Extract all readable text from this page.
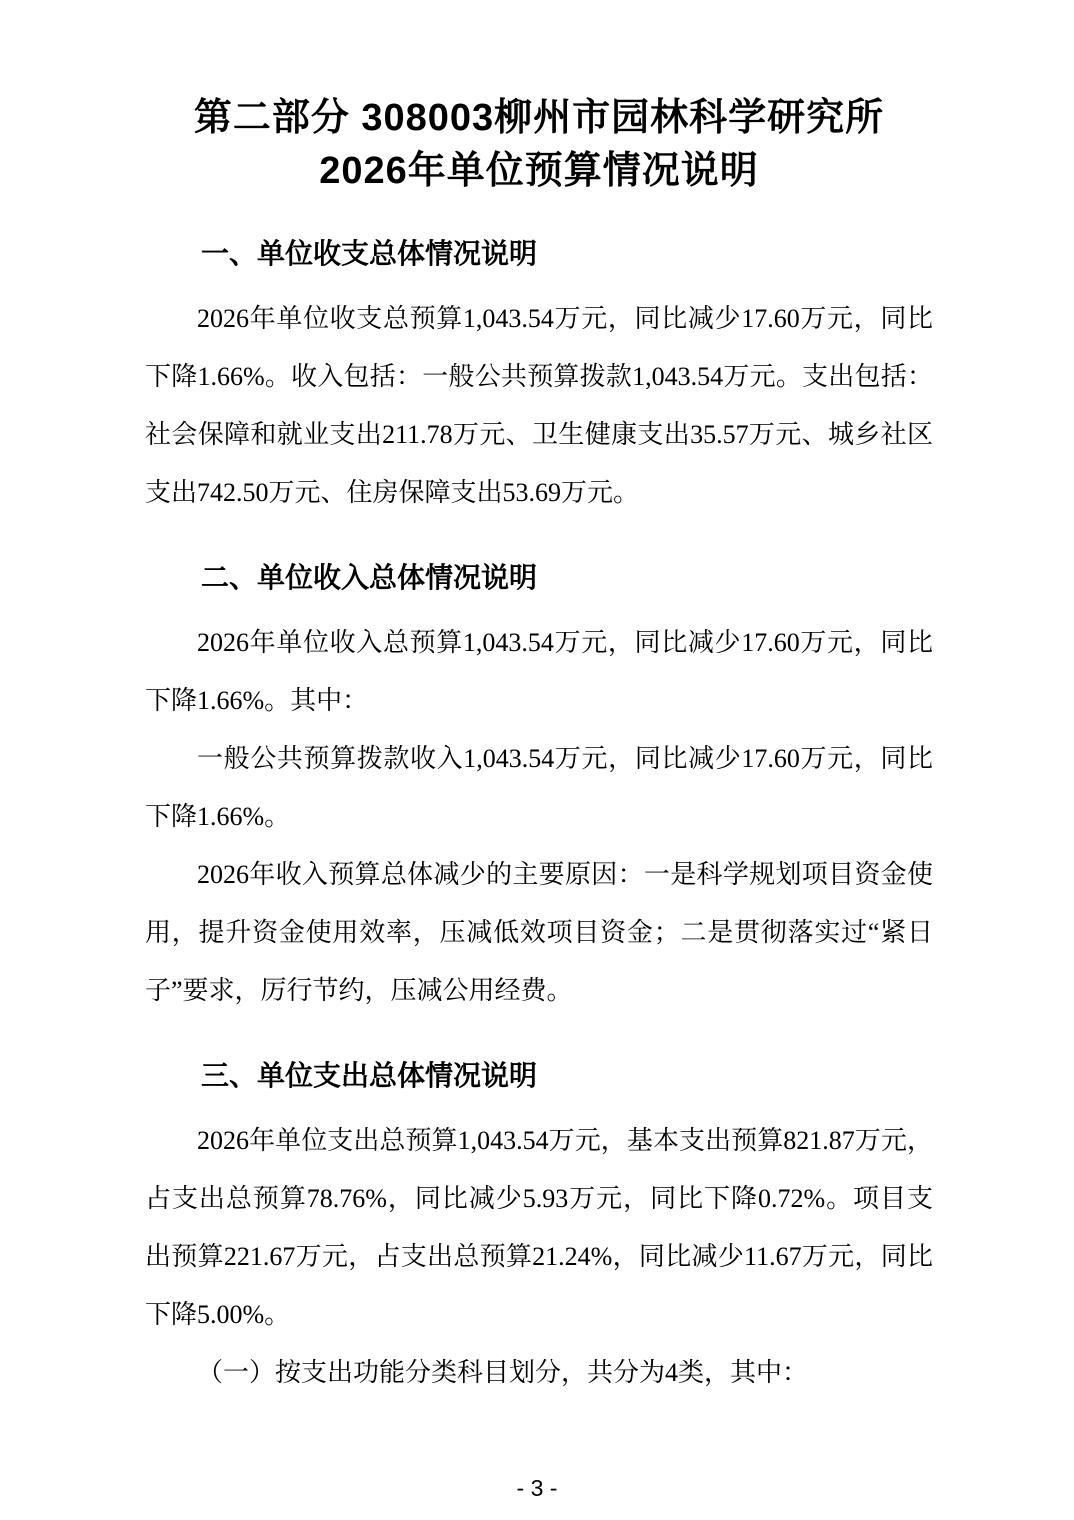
第二部分 308003柳州市园林科学研究所
2026年单位预算情况说明
一、单位收支总体情况说明

2026年单位收支总预算1,043.54万元，同比减少17.60万元，同比下降1.66%。收入包括：一般公共预算拨款1,043.54万元。支出包括：社会保障和就业支出211.78万元、卫生健康支出35.57万元、城乡社区支出742.50万元、住房保障支出53.69万元。

二、单位收入总体情况说明

2026年单位收入总预算1,043.54万元，同比减少17.60万元，同比下降1.66%。其中：

一般公共预算拨款收入1,043.54万元，同比减少17.60万元，同比下降1.66%。

2026年收入预算总体减少的主要原因：一是科学规划项目资金使用，提升资金使用效率，压减低效项目资金；二是贯彻落实过“紧日子”要求，厉行节约，压减公用经费。

三、单位支出总体情况说明

2026年单位支出总预算1,043.54万元，基本支出预算821.87万元，占支出总预算78.76%，同比减少5.93万元，同比下降0.72%。项目支出预算221.67万元，占支出总预算21.24%，同比减少11.67万元，同比下降5.00%。

（一）按支出功能分类科目划分，共分为4类，其中：

- 3 -
